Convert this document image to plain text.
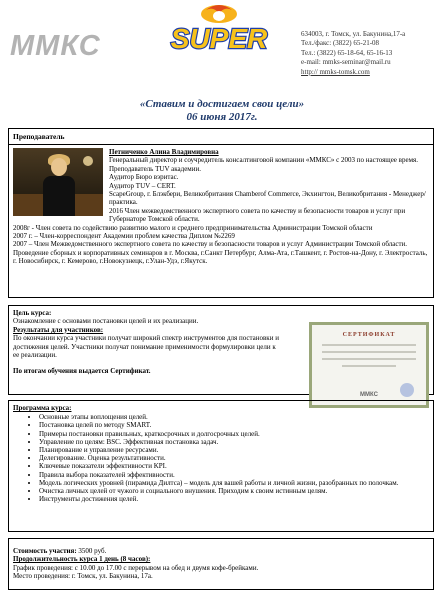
ММКС	SUPER	634003, г. Томск, ул. Бакунина,17-а
Тел./факс: (3822) 65-21-08
Тел.: (3822) 65-18-64, 65-16-13
e-mail: mmks-seminar@mail.ru
http:// mmks-tomsk.com
«Ставим и достигаем свои цели»
06 июня 2017г.
Преподаватель

Петниченко Алина Владимировна

Генеральный директор и соучредитель консалтинговой компании «ММКС» с 2003 по настоящее время.

Преподаватель TUV академии.

Аудитор Бюро вэритас.

Аудитор TUV – CERT.

ScapeGroup, г. Блэкбери, Великобритания Chamberof Commerce, Экхингтон, Великобритания - Менеджер/практика.

2016 Член межведомственного экспертного совета по качеству и безопасности товаров и услуг при Губернаторе Томской области.

2008г - Член совета по содействию развитию малого и среднего предпринимательства Администрации Томской области

2007 г. – Член-корреспондент Академии проблем качества Диплом №2269

2007 – Член Межведомственного экспертного совета по качеству и безопасности товаров и услуг Администрации Томской области.

Проведение сборных и корпоративных семинаров в г. Москва, г.Санкт Петербург, Алма-Ата, г.Ташкент, г. Ростов-на-Дону, г. Электросталь, г. Новосибирск, г. Кемерово, г.Новокузнецк, г.Улан-Удэ, г.Якутск.

Цель курса:

Ознакомление с основами постановки целей и их реализации.

Результаты для участников:

По окончании курса участники получат широкий спектр инструментов для постановки и достижения целей. Участники получат понимание применимости формулировки цели к ее реализации.

По итогам обучения выдается Сертификат.

СЕРТИФИКАТ
ММКС
Программа курса:
• Основные этапы воплощения целей.
• Постановка целей по методу SMART.
• Примеры постановки правильных, краткосрочных и долгосрочных целей.
• Управление по целям: BSC. Эффективная постановка задач.
• Планирование и управление ресурсами.
• Делегирование. Оценка результативности.
• Ключевые показатели эффективности KPI.
• Правила выбора показателей эффективности.
• Модель логических уровней (пирамида Дилтса) – модель для вашей работы и личной жизни, разобранных по полочкам.
• Очистка личных целей от чужого и социального внушения. Приходим к своим истинным целям.
• Инструменты достижения целей.

Стоимость участия: 3500 руб.

Продолжительность курса 1 день (8 часов):

График проведения: с 10.00 до 17.00 с перерывом на обед и двумя кофе-брейками.

Место проведения: г. Томск, ул. Бакунина, 17а.
